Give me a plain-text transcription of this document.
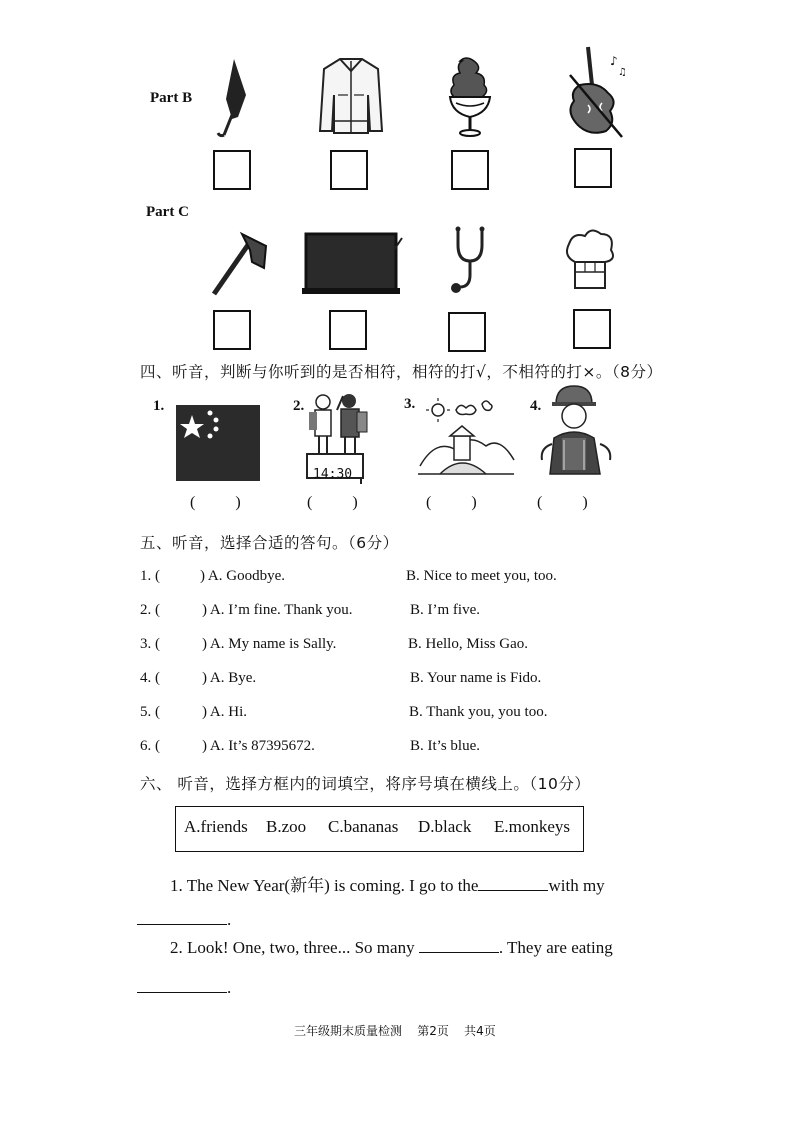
Part B
♪
♫
Part C
四、听音，判断与你听到的是否相符，相符的打√，不相符的打×。（8分）
1.	2.
14:30
3.	4.
( )	( )	( )	( )
五、听音，选择合适的答句。（6分）
1. (	) A. Goodbye.	B. Nice to meet you, too.
2. (	) A. I’m fine. Thank you.	B. I’m five.
3. (	) A. My name is Sally.	B. Hello, Miss Gao.
4. (	) A. Bye.	B. Your name is Fido.
5. (	) A. Hi.	B. Thank you, you too.
6. (	) A. It’s 87395672.	B. It’s blue.
六、 听音，选择方框内的词填空，将序号填在横线上。（10分）
A.friends B.zoo C.bananas D.black E.monkeys
1. The New Year(新年) is coming. I go to the	with my
.
2. Look! One, two, three... So many	. They are eating
.
三年级期末质量检测    第2页    共4页
